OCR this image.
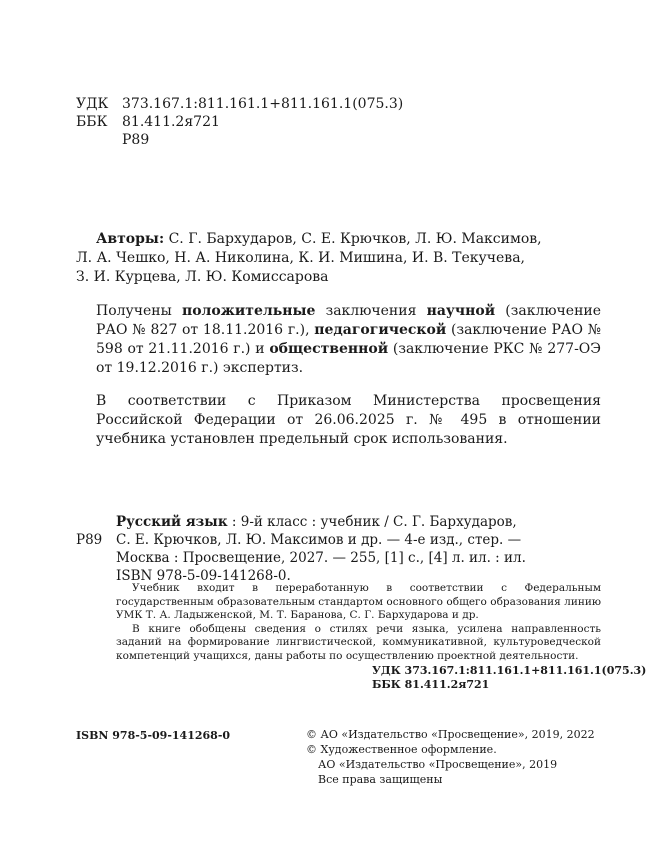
УДК 373.167.1:811.161.1+811.161.1(075.3)
ББК	81.411.2я721
Р89
Авторы: С. Г. Бархударов, С. Е. Крючков, Л. Ю. Максимов,
Л. А. Чешко, Н. А. Николина, К. И. Мишина, И. В. Текучева,
З. И. Курцева, Л. Ю. Комиссарова
Получены положительные заключения научной (заключение РАО № 827 от 18.11.2016 г.), педагогической (заключение РАО № 598 от 21.11.2016 г.) и общественной (заключение РКС № 277-ОЭ от 19.12.2016 г.) экспертиз.
В соответствии с Приказом Министерства просвещения Российской Федерации от 26.06.2025 г. № 495 в отношении учебника установлен предельный срок использования.
Русский язык : 9-й класс : учебник / С. Г. Бархударов,
Р89	С. Е. Крючков, Л. Ю. Максимов и др. — 4-е изд., стер. —
Москва : Просвещение, 2027. — 255, [1] с., [4] л. ил. : ил.
ISBN 978-5-09-141268-0.

Учебник входит в переработанную в соответствии с Федеральным государственным образовательным стандартом основного общего образования линию УМК Т. А. Ладыженской, М. Т. Баранова, С. Г. Бархударова и др.

В книге обобщены сведения о стилях речи языка, усилена направленность заданий на формирование лингвистической, коммуникативной, культуроведческой компетенций учащихся, даны работы по осуществлению проектной деятельности.

УДК 373.167.1:811.161.1+811.161.1(075.3)
ББК 81.411.2я721
ISBN 978-5-09-141268-0	© АО «Издательство «Просвещение», 2019, 2022
© Художественное оформление.
АО «Издательство «Просвещение», 2019
Все права защищены
